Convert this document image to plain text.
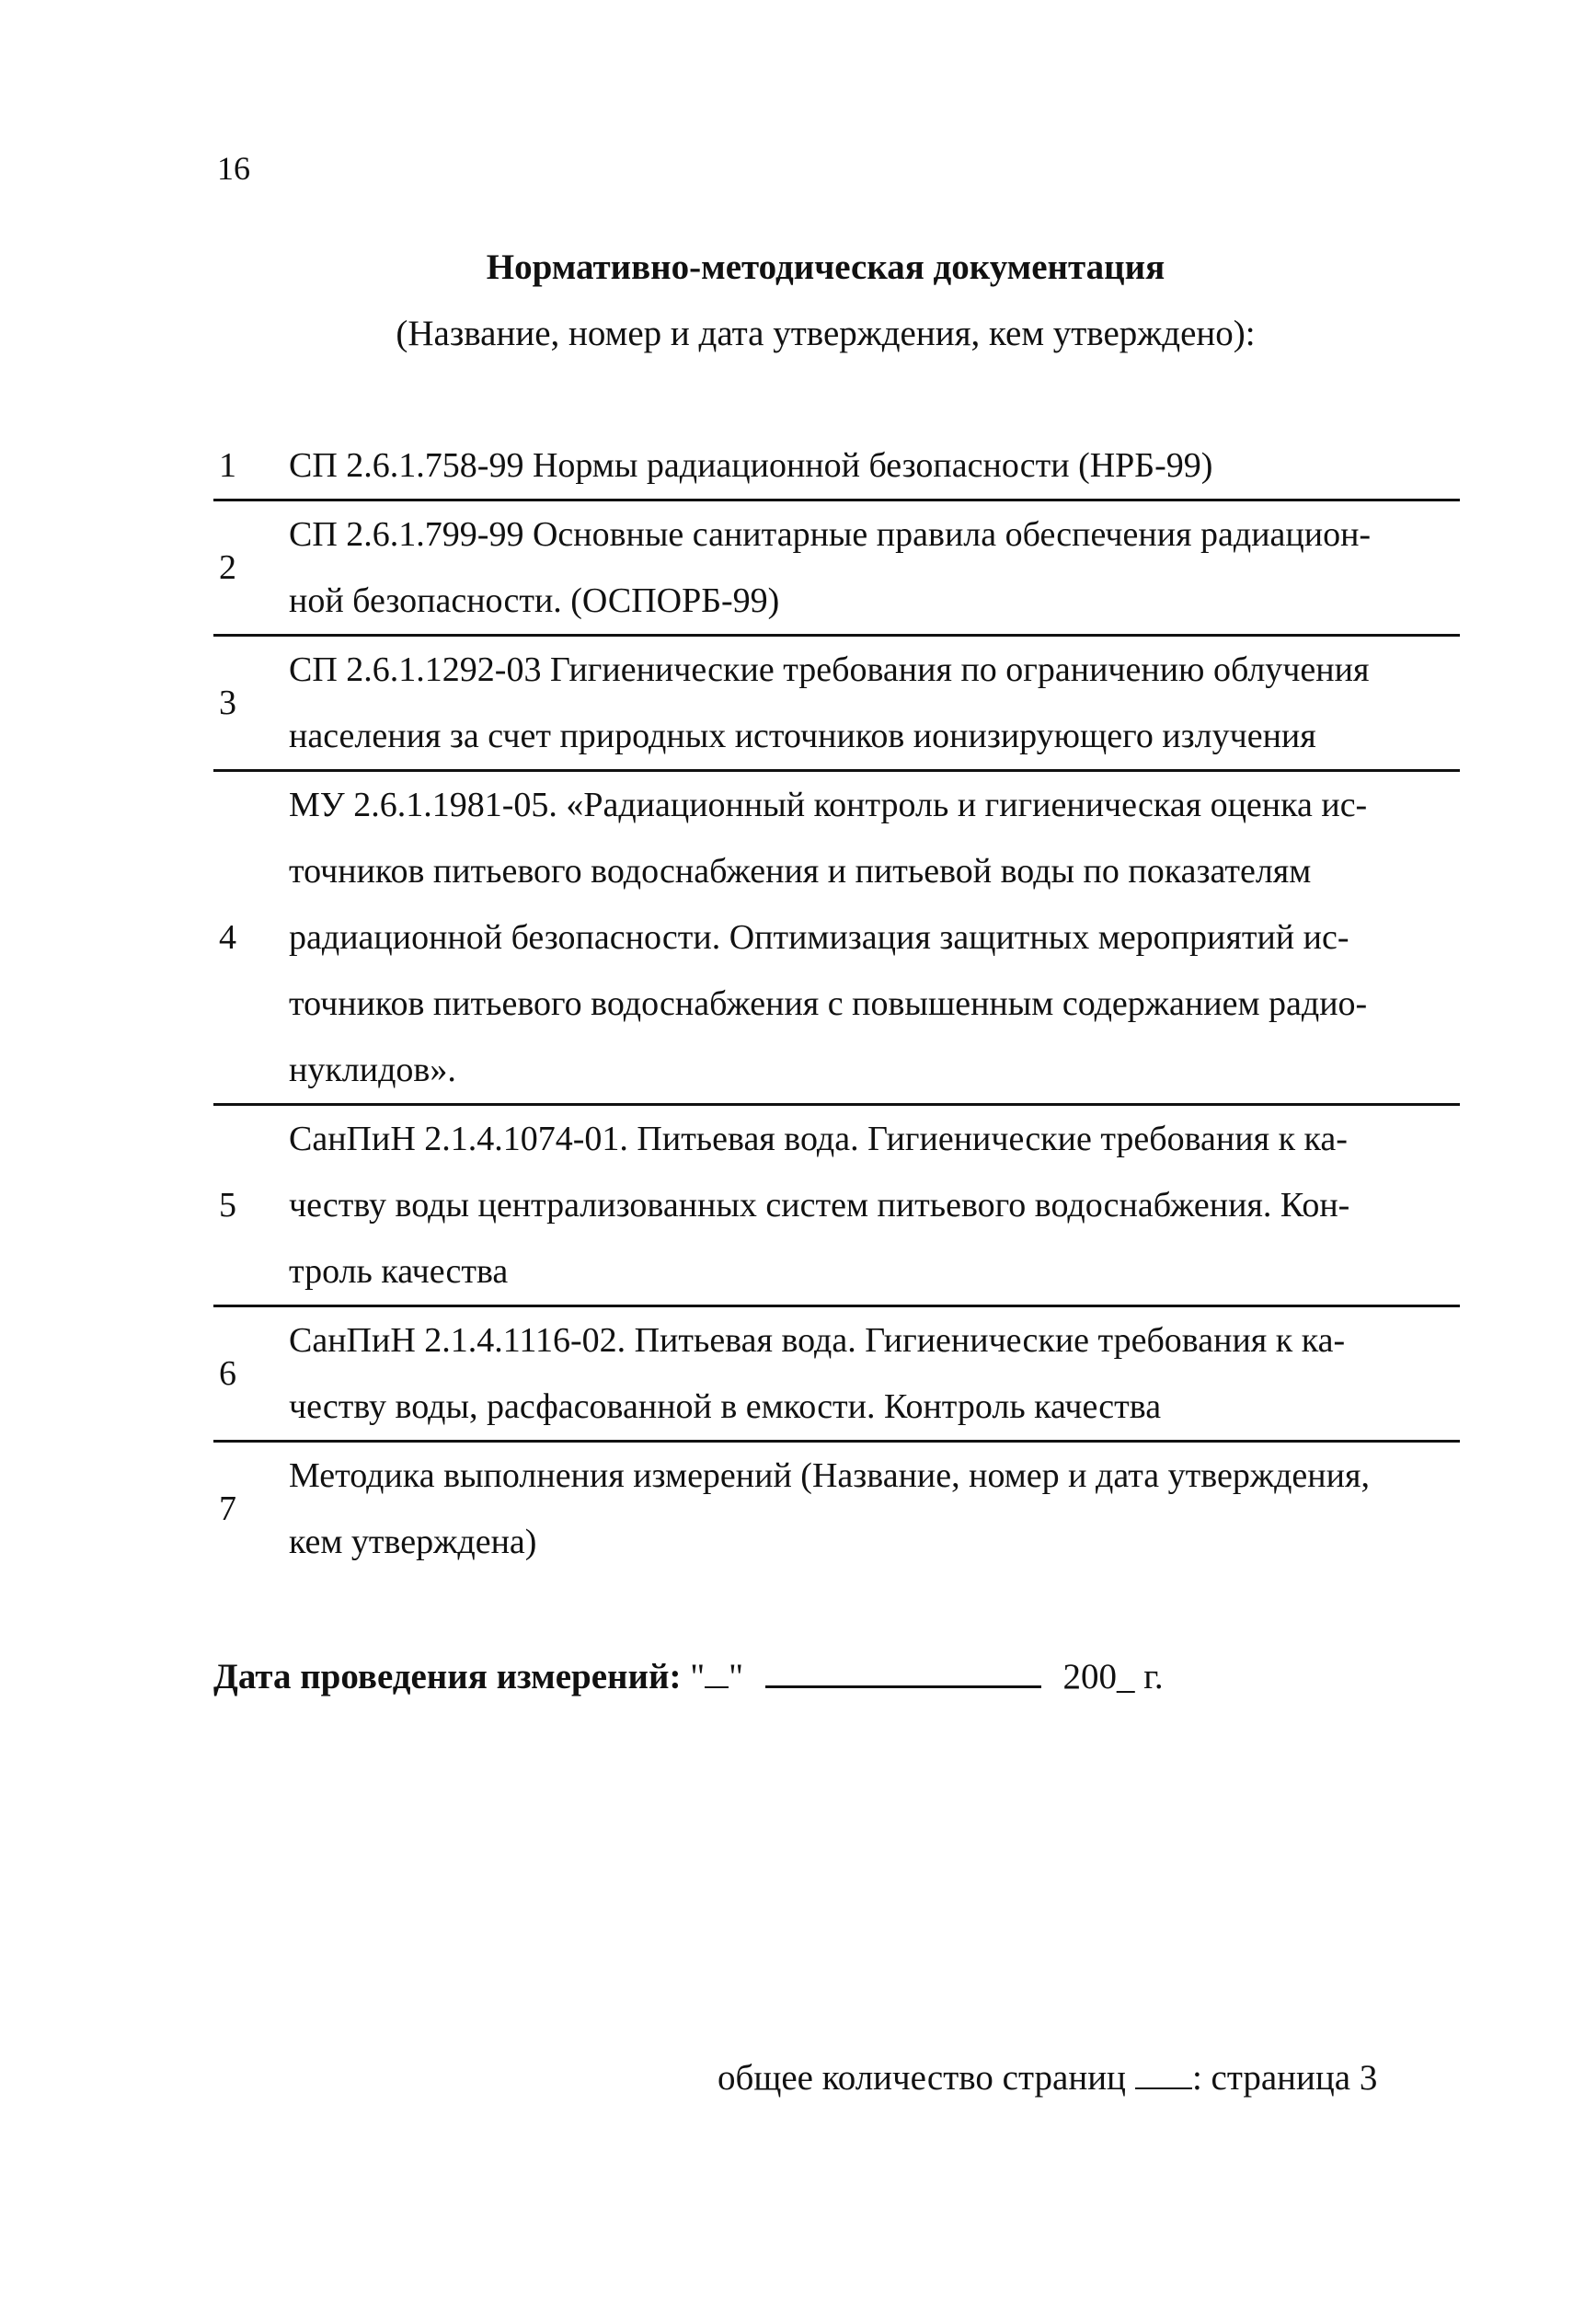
16
Нормативно-методическая документация
(Название, номер и дата утверждения, кем утверждено):
1	СП 2.6.1.758-99 Нормы радиационной безопасности (НРБ-99)
2
СП 2.6.1.799-99 Основные санитарные правила обеспечения радиацион-
ной безопасности. (ОСПОРБ-99)
3
СП 2.6.1.1292-03 Гигиенические требования по ограничению облучения
населения за счет природных источников ионизирующего излучения
4
МУ 2.6.1.1981-05. «Радиационный контроль и гигиеническая оценка ис-
точников питьевого водоснабжения и питьевой воды по показателям
радиационной безопасности. Оптимизация защитных мероприятий ис-
точников питьевого водоснабжения с повышенным содержанием радио-
нуклидов».
5
СанПиН 2.1.4.1074-01. Питьевая вода. Гигиенические требования к ка-
честву воды централизованных систем питьевого водоснабжения. Кон-
троль качества
6
СанПиН 2.1.4.1116-02. Питьевая вода. Гигиенические требования к ка-
честву воды, расфасованной в емкости. Контроль качества
7
Методика выполнения измерений (Название, номер и дата утверждения,
кем утверждена)
Дата проведения измерений: " "	200_ г.
общее количество страниц : страница 3
